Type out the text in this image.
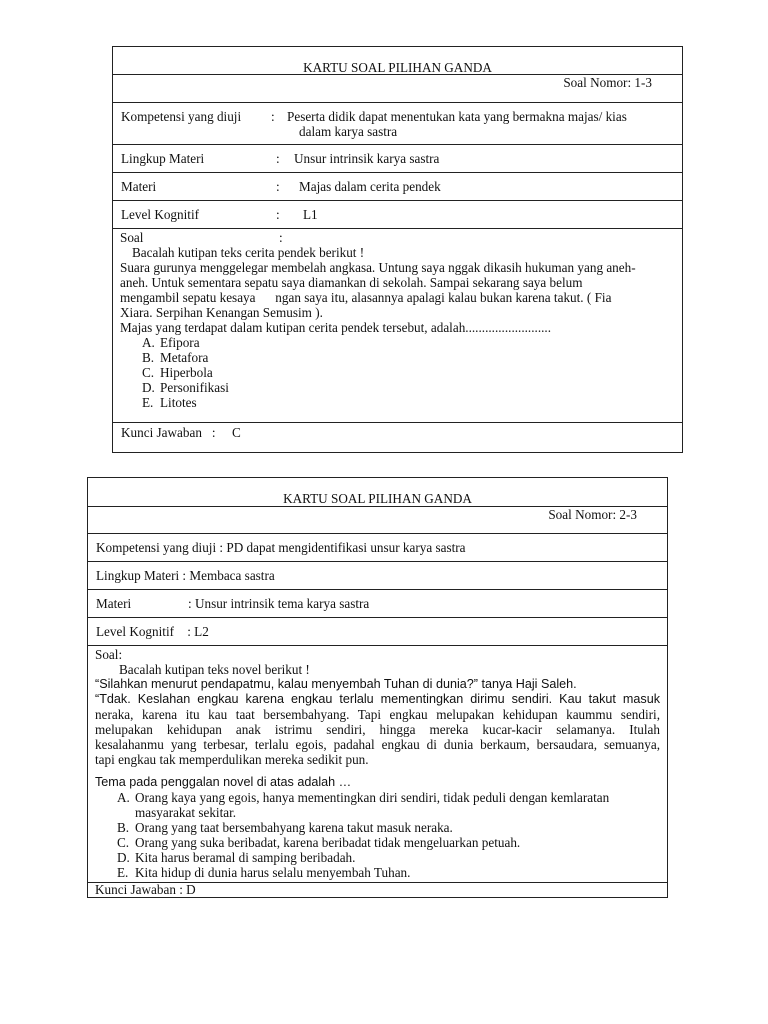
KARTU SOAL PILIHAN GANDA
Soal Nomor: 1-3
Kompetensi yang diuji : Peserta didik dapat menentukan kata yang bermakna majas/ kias
dalam karya sastra
Lingkup Materi	: Unsur intrinsik karya sastra
Materi	: Majas dalam cerita pendek
Level Kognitif	: L1

Soal	:

Bacalah kutipan teks cerita pendek berikut !

Suara gurunya menggelegar membelah angkasa. Untung saya nggak dikasih hukuman yang aneh-

aneh. Untuk sementara sepatu saya diamankan di sekolah. Sampai sekarang saya belum

mengambil sepatu kesaya      ngan saya itu, alasannya apalagi kalau bukan karena takut. ( Fia

Xiara. Serpihan Kenangan Semusim ).

Majas yang terdapat dalam kutipan cerita pendek tersebut, adalah..........................

A. Efipora
B. Metafora
C. Hiperbola
D. Personifikasi
E. Litotes
Kunci Jawaban   :     C
KARTU SOAL PILIHAN GANDA
Soal Nomor: 2-3
Kompetensi yang diuji : PD dapat mengidentifikasi unsur karya sastra
Lingkup Materi : Membaca sastra
Materi	: Unsur intrinsik tema karya sastra
Level Kognitif    : L2

Soal:

Bacalah kutipan teks novel berikut !

“Silahkan menurut pendapatmu, kalau menyembah Tuhan di dunia?” tanya Haji Saleh.

“Tdak. Keslahan engkau karena engkau terlalu mementingkan dirimu sendiri. Kau takut masuk

neraka, karena itu kau taat bersembahyang. Tapi engkau melupakan kehidupan kaummu sendiri,

melupakan kehidupan anak istrimu sendiri, hingga mereka kucar-kacir selamanya. Itulah

kesalahanmu yang terbesar, terlalu egois, padahal engkau di dunia berkaum, bersaudara, semuanya,

tapi engkau tak memperdulikan mereka sedikit pun.

Tema pada penggalan novel di atas adalah …

A. Orang kaya yang egois, hanya mementingkan diri sendiri, tidak peduli dengan kemlaratan
masyarakat sekitar.
B. Orang yang taat bersembahyang karena takut masuk neraka.
C. Orang yang suka beribadat, karena beribadat tidak mengeluarkan petuah.
D. Kita harus beramal di samping beribadah.
E. Kita hidup di dunia harus selalu menyembah Tuhan.
Kunci Jawaban : D
